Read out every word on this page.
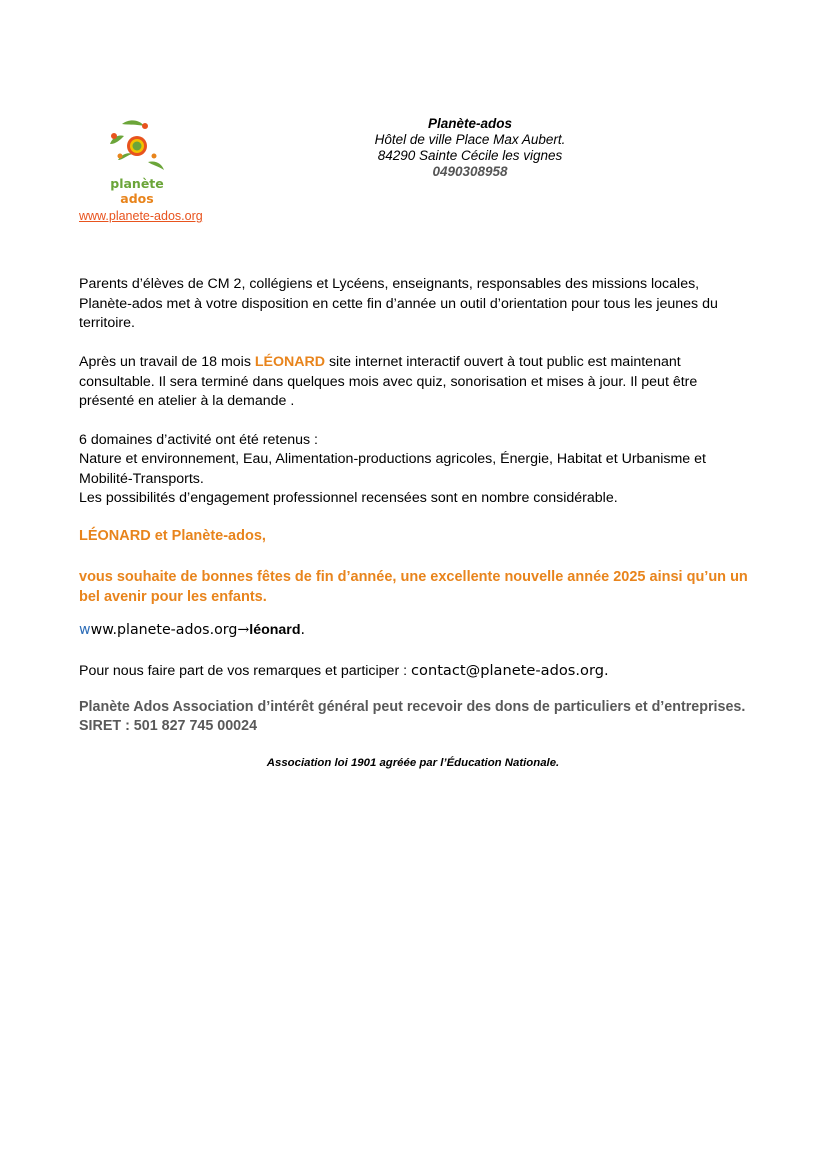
planète ados
www.planete-ados.org
Planète-ados
Hôtel de ville Place Max Aubert.
84290 Sainte Cécile les vignes
0490308958

Parents d’élèves de CM 2, collégiens et Lycéens, enseignants, responsables des missions locales, Planète-ados met à votre disposition en cette fin d’année un outil d’orientation pour tous les jeunes du territoire.

Après un travail de 18 mois LÉONARD site internet interactif ouvert à tout public est maintenant consultable. Il sera terminé dans quelques mois avec quiz, sonorisation et mises à jour. Il peut être présenté en atelier à la demande .

6 domaines d’activité ont été retenus :
Nature et environnement, Eau, Alimentation-productions agricoles, Énergie, Habitat et Urbanisme et Mobilité-Transports.
Les possibilités d’engagement professionnel recensées sont en nombre considérable.

LÉONARD et Planète-ados,

vous souhaite de bonnes fêtes de fin d’année, une excellente nouvelle année 2025 ainsi qu’un un bel avenir pour les enfants.

www.planete-ados.org→léonard.

Pour nous faire part de vos remarques et participer : contact@planete-ados.org.

Planète Ados Association d’intérêt général peut recevoir des dons de particuliers et d’entreprises.
SIRET : 501 827 745 00024

Association loi 1901 agréée par l’Éducation Nationale.
